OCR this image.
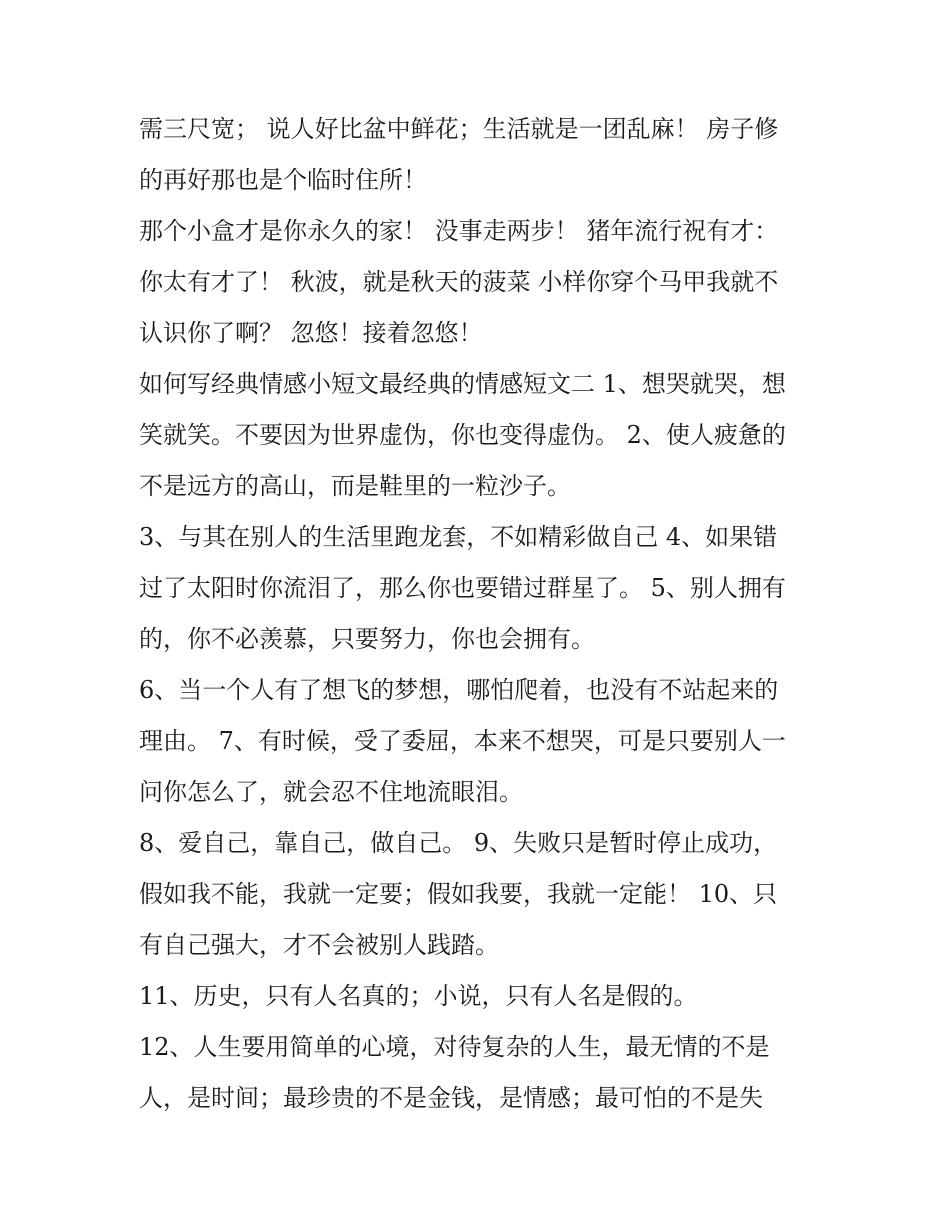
需三尺宽； 说人好比盆中鲜花；生活就是一团乱麻！ 房子修
的再好那也是个临时住所！

那个小盒才是你永久的家！ 没事走两步！ 猪年流行祝有才：
你太有才了！ 秋波，就是秋天的菠菜 小样你穿个马甲我就不
认识你了啊？ 忽悠！接着忽悠！

如何写经典情感小短文最经典的情感短文二 1、想哭就哭，想
笑就笑。不要因为世界虚伪，你也变得虚伪。 2、使人疲惫的
不是远方的高山，而是鞋里的一粒沙子。

3、与其在别人的生活里跑龙套，不如精彩做自己 4、如果错
过了太阳时你流泪了，那么你也要错过群星了。 5、别人拥有
的，你不必羡慕，只要努力，你也会拥有。

6、当一个人有了想飞的梦想，哪怕爬着，也没有不站起来的
理由。 7、有时候，受了委屈，本来不想哭，可是只要别人一
问你怎么了，就会忍不住地流眼泪。

8、爱自己，靠自己，做自己。 9、失败只是暂时停止成功，
假如我不能，我就一定要；假如我要，我就一定能！ 10、只
有自己强大，才不会被别人践踏。

11、历史，只有人名真的；小说，只有人名是假的。

12、人生要用简单的心境，对待复杂的人生，最无情的不是
人，是时间；最珍贵的不是金钱，是情感；最可怕的不是失
